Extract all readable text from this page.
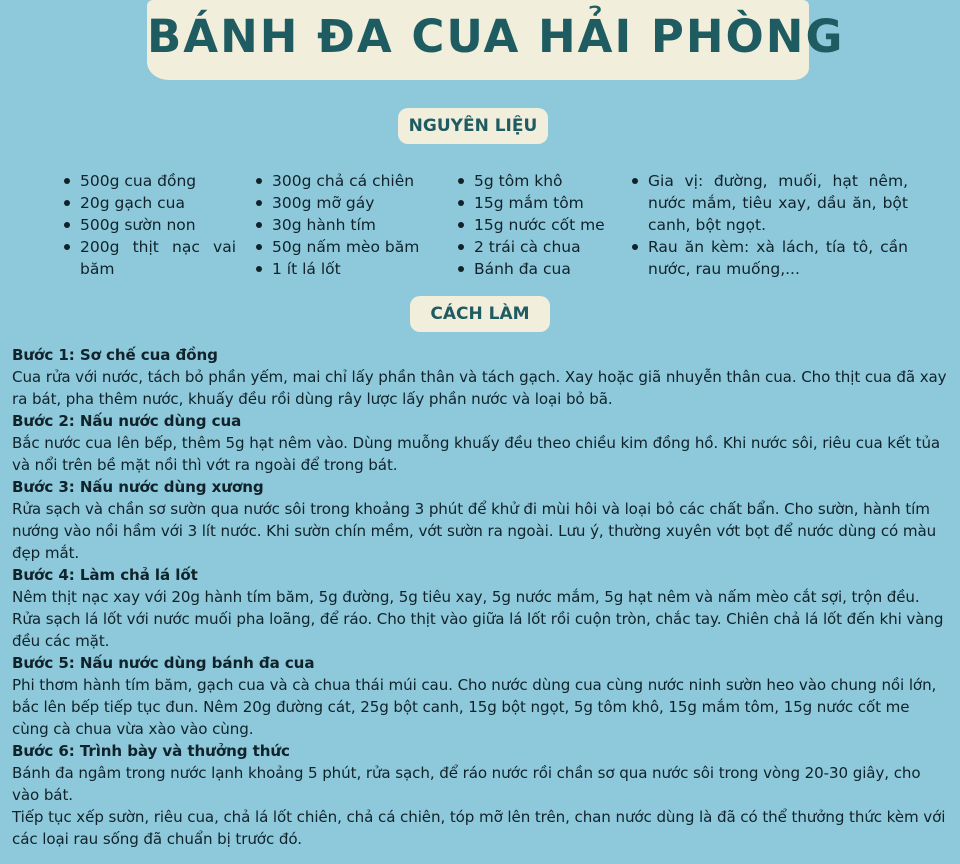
BÁNH ĐA CUA HẢI PHÒNG
NGUYÊN LIỆU
500g cua đồng
20g gạch cua
500g sườn non
200g thịt nạc vai băm
300g chả cá chiên
300g mỡ gáy
30g hành tím
50g nấm mèo băm
1 ít lá lốt
5g tôm khô
15g mắm tôm
15g nước cốt me
2 trái cà chua
Bánh đa cua
Gia vị: đường, muối, hạt nêm, nước mắm, tiêu xay, dầu ăn, bột canh, bột ngọt.
Rau ăn kèm: xà lách, tía tô, cần nước, rau muống,...
CÁCH LÀM

Bước 1: Sơ chế cua đồng

Cua rửa với nước, tách bỏ phần yếm, mai chỉ lấy phần thân và tách gạch. Xay hoặc giã nhuyễn thân cua. Cho thịt cua đã xay ra bát, pha thêm nước, khuấy đều rồi dùng rây lược lấy phần nước và loại bỏ bã.

Bước 2: Nấu nước dùng cua

Bắc nước cua lên bếp, thêm 5g hạt nêm vào. Dùng muỗng khuấy đều theo chiều kim đồng hồ. Khi nước sôi, riêu cua kết tủa và nổi trên bề mặt nồi thì vớt ra ngoài để trong bát.

Bước 3: Nấu nước dùng xương

Rửa sạch và chần sơ sườn qua nước sôi trong khoảng 3 phút để khử đi mùi hôi và loại bỏ các chất bẩn. Cho sườn, hành tím nướng vào nồi hầm với 3 lít nước. Khi sườn chín mềm, vớt sườn ra ngoài. Lưu ý, thường xuyên vớt bọt để nước dùng có màu đẹp mắt.

Bước 4: Làm chả lá lốt

Nêm thịt nạc xay với 20g hành tím băm, 5g đường, 5g tiêu xay, 5g nước mắm, 5g hạt nêm và nấm mèo cắt sợi, trộn đều. Rửa sạch lá lốt với nước muối pha loãng, để ráo. Cho thịt vào giữa lá lốt rồi cuộn tròn, chắc tay. Chiên chả lá lốt đến khi vàng đều các mặt.

Bước 5: Nấu nước dùng bánh đa cua

Phi thơm hành tím băm, gạch cua và cà chua thái múi cau. Cho nước dùng cua cùng nước ninh sườn heo vào chung nồi lớn, bắc lên bếp tiếp tục đun. Nêm 20g đường cát, 25g bột canh, 15g bột ngọt, 5g tôm khô, 15g mắm tôm, 15g nước cốt me cùng cà chua vừa xào vào cùng.

Bước 6: Trình bày và thưởng thức

Bánh đa ngâm trong nước lạnh khoảng 5 phút, rửa sạch, để ráo nước rồi chần sơ qua nước sôi trong vòng 20-30 giây, cho vào bát.

Tiếp tục xếp sườn, riêu cua, chả lá lốt chiên, chả cá chiên, tóp mỡ lên trên, chan nước dùng là đã có thể thưởng thức kèm với các loại rau sống đã chuẩn bị trước đó.
